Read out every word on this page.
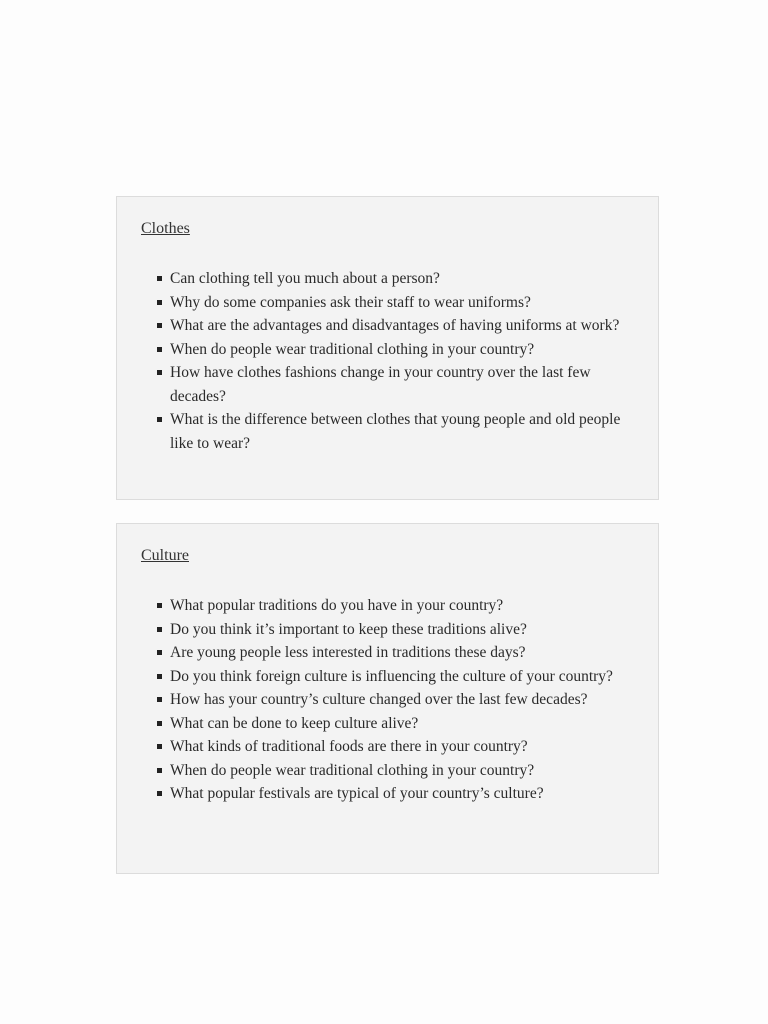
Clothes
Can clothing tell you much about a person?
Why do some companies ask their staff to wear uniforms?
What are the advantages and disadvantages of having uniforms at work?
When do people wear traditional clothing in your country?
How have clothes fashions change in your country over the last few decades?
What is the difference between clothes that young people and old people like to wear?
Culture
What popular traditions do you have in your country?
Do you think it’s important to keep these traditions alive?
Are young people less interested in traditions these days?
Do you think foreign culture is influencing the culture of your country?
How has your country’s culture changed over the last few decades?
What can be done to keep culture alive?
What kinds of traditional foods are there in your country?
When do people wear traditional clothing in your country?
What popular festivals are typical of your country’s culture?
